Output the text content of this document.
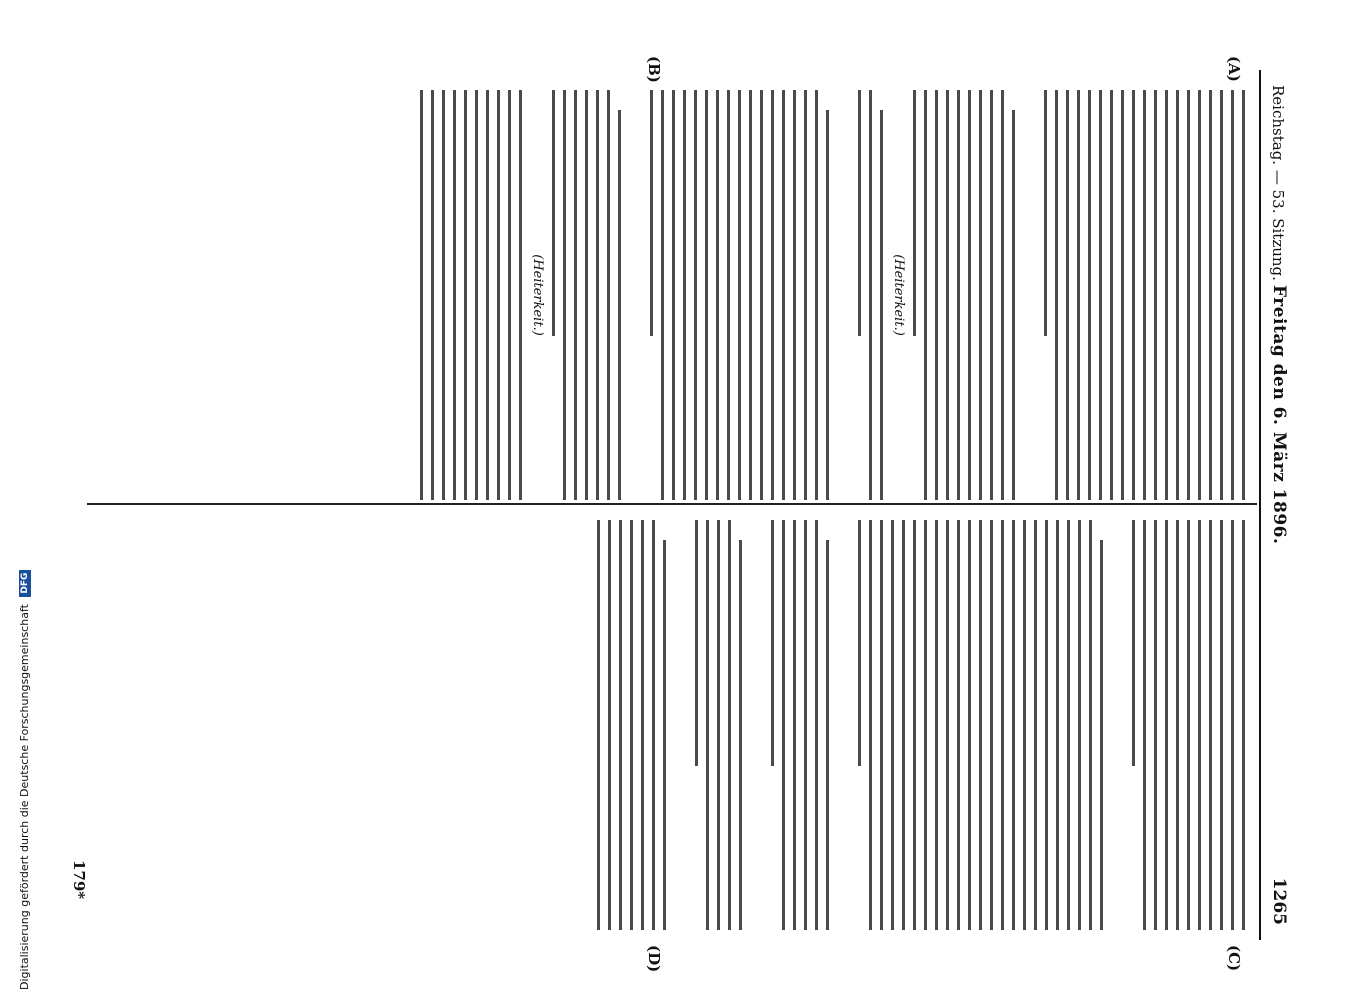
Digitalisierung gefördert durch die Deutsche Forschungsgemeinschaft DFG
Reichstag. — 53. Sitzung.
Freitag den 6. März 1896.
1265
(A)
(B)
(C)
(D)
(Heiterkeit.)
(Heiterkeit.)
179*
